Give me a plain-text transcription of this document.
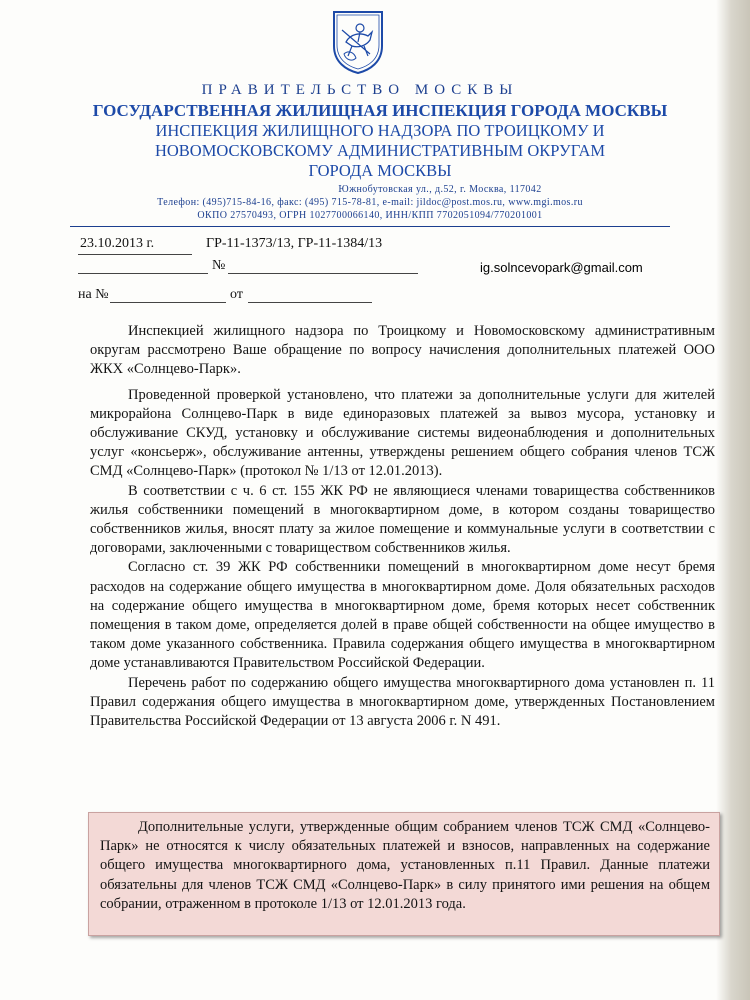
ПРАВИТЕЛЬСТВО МОСКВЫ
ГОСУДАРСТВЕННАЯ ЖИЛИЩНАЯ ИНСПЕКЦИЯ ГОРОДА МОСКВЫ
ИНСПЕКЦИЯ ЖИЛИЩНОГО НАДЗОРА ПО ТРОИЦКОМУ И
НОВОМОСКОВСКОМУ АДМИНИСТРАТИВНЫМ ОКРУГАМ
ГОРОДА МОСКВЫ
Южнобутовская ул., д.52, г. Москва, 117042
Телефон: (495)715-84-16, факс: (495) 715-78-81, e-mail: jildoc@post.mos.ru, www.mgi.mos.ru
ОКПО 27570493, ОГРН 1027700066140, ИНН/КПП 7702051094/770201001
23.10.2013 г.	ГР-11-1373/13, ГР-11-1384/13
№	ig.solncevopark@gmail.com
на №	от

Инспекцией жилищного надзора по Троицкому и Новомосковскому административным округам рассмотрено Ваше обращение по вопросу начисления дополнительных платежей ООО ЖКХ «Солнцево-Парк».

Проведенной проверкой установлено, что платежи за дополнительные услуги для жителей микрорайона Солнцево-Парк в виде единоразовых платежей за вывоз мусора, установку и обслуживание СКУД, установку и обслуживание системы видеонаблюдения и дополнительных услуг «консьерж», обслуживание антенны, утверждены решением общего собрания членов ТСЖ СМД «Солнцево-Парк» (протокол № 1/13 от 12.01.2013).

В соответствии с ч. 6 ст. 155 ЖК РФ не являющиеся членами товарищества собственников жилья собственники помещений в многоквартирном доме, в котором созданы товарищество собственников жилья, вносят плату за жилое помещение и коммунальные услуги в соответствии с договорами, заключенными с товариществом собственников жилья.

Согласно ст. 39 ЖК РФ собственники помещений в многоквартирном доме несут бремя расходов на содержание общего имущества в многоквартирном доме. Доля обязательных расходов на содержание общего имущества в многоквартирном доме, бремя которых несет собственник помещения в таком доме, определяется долей в праве общей собственности на общее имущество в таком доме указанного собственника. Правила содержания общего имущества в многоквартирном доме устанавливаются Правительством Российской Федерации.

Перечень работ по содержанию общего имущества многоквартирного дома установлен п. 11 Правил содержания общего имущества в многоквартирном доме, утвержденных Постановлением Правительства Российской Федерации от 13 августа 2006 г. N 491.

Дополнительные услуги, утвержденные общим собранием членов ТСЖ СМД «Солнцево-Парк» не относятся к числу обязательных платежей и взносов, направленных на содержание общего имущества многоквартирного дома, установленных п.11 Правил. Данные платежи обязательны для членов ТСЖ СМД «Солнцево-Парк» в силу принятого ими решения на общем собрании, отраженном в протоколе 1/13 от 12.01.2013 года.
